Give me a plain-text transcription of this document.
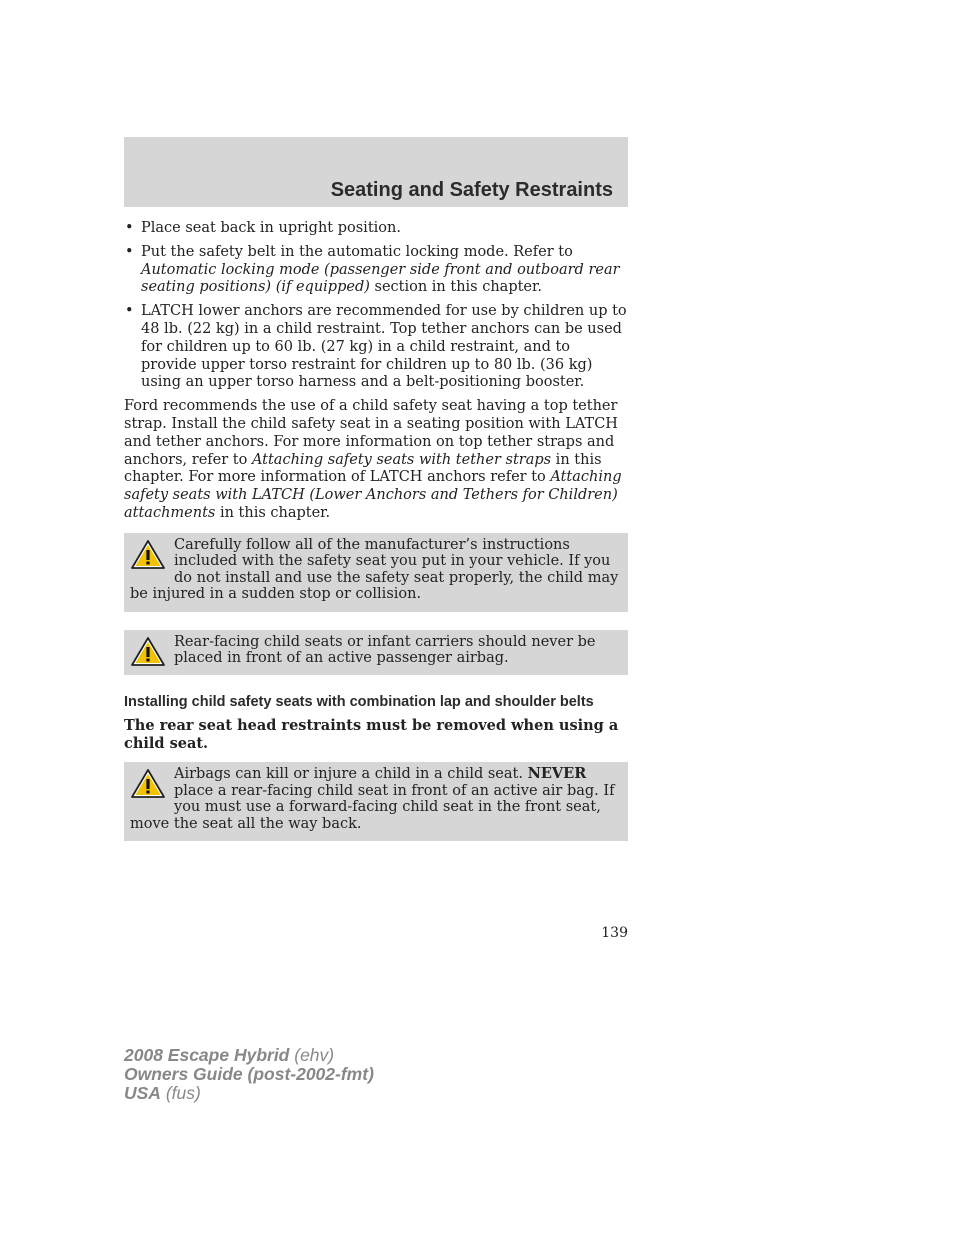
Seating and Safety Restraints
• Place seat back in upright position.
• Put the safety belt in the automatic locking mode. Refer to Automatic locking mode (passenger side front and outboard rear seating positions) (if equipped) section in this chapter.
• LATCH lower anchors are recommended for use by children up to 48 lb. (22 kg) in a child restraint. Top tether anchors can be used for children up to 60 lb. (27 kg) in a child restraint, and to provide upper torso restraint for children up to 80 lb. (36 kg) using an upper torso harness and a belt-positioning booster.

Ford recommends the use of a child safety seat having a top tether strap. Install the child safety seat in a seating position with LATCH and tether anchors. For more information on top tether straps and anchors, refer to Attaching safety seats with tether straps in this chapter. For more information of LATCH anchors refer to Attaching safety seats with LATCH (Lower Anchors and Tethers for Children) attachments in this chapter.

Carefully follow all of the manufacturer’s instructions included with the safety seat you put in your vehicle. If you do not install and use the safety seat properly, the child may be injured in a sudden stop or collision.
Rear-facing child seats or infant carriers should never be placed in front of an active passenger airbag.
Installing child safety seats with combination lap and shoulder belts

The rear seat head restraints must be removed when using a child seat.

Airbags can kill or injure a child in a child seat. NEVER place a rear-facing child seat in front of an active air bag. If you must use a forward-facing child seat in the front seat, move the seat all the way back.
139
2008 Escape Hybrid (ehv)
Owners Guide (post-2002-fmt)
USA (fus)
